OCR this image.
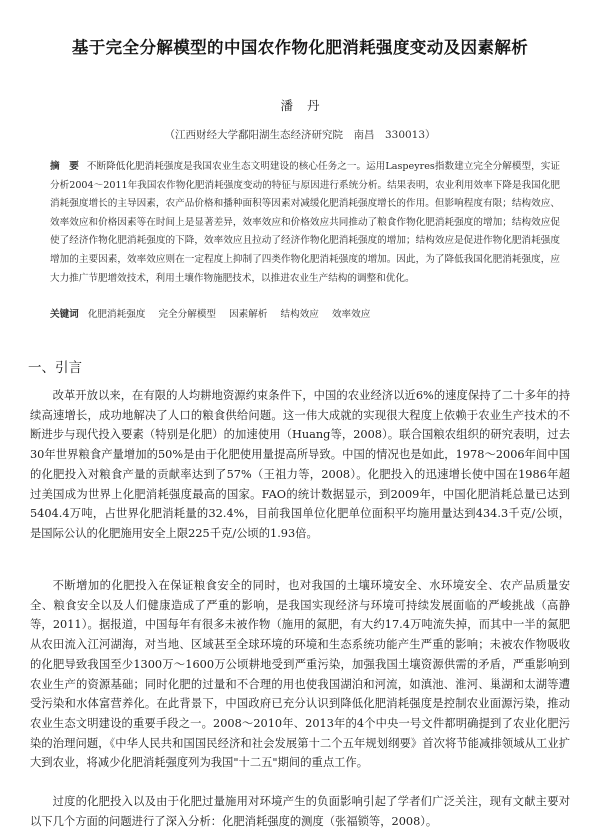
基于完全分解模型的中国农作物化肥消耗强度变动及因素解析
潘丹
（江西财经大学鄱阳湖生态经济研究院　南昌　330013）
摘　要 不断降低化肥消耗强度是我国农业生态文明建设的核心任务之一。运用Laspeyres指数建立完全分解模型，实证分析2004～2011年我国农作物化肥消耗强度变动的特征与原因进行系统分析。结果表明，农业利用效率下降是我国化肥消耗强度增长的主导因素，农产品价格和播种面积等因素对减缓化肥消耗强度增长的作用。但影响程度有限；结构效应、效率效应和价格因素等在时间上是显著差异，效率效应和价格效应共同推动了粮食作物化肥消耗强度的增加；结构效应促使了经济作物化肥消耗强度的下降，效率效应且拉动了经济作物化肥消耗强度的增加；结构效应是促进作物化肥消耗强度增加的主要因素，效率效应则在一定程度上抑制了四类作物化肥消耗强度的增加。因此，为了降低我国化肥消耗强度，应大力推广节肥增效技术，利用土壤作物施肥技术，以推进农业生产结构的调整和优化。
关键词 化肥消耗强度 完全分解模型 因素解析 结构效应 效率效应
一、引言

改革开放以来，在有限的人均耕地资源约束条件下，中国的农业经济以近6%的速度保持了二十多年的持续高速增长，成功地解决了人口的粮食供给问题。这一伟大成就的实现很大程度上依赖于农业生产技术的不断进步与现代投入要素（特别是化肥）的加速使用（Huang等，2008）。联合国粮农组织的研究表明，过去30年世界粮食产量增加的50%是由于化肥使用量提高所导致。中国的情况也是如此，1978～2006年间中国的化肥投入对粮食产量的贡献率达到了57%（王祖力等，2008）。化肥投入的迅速增长使中国在1986年超过美国成为世界上化肥消耗强度最高的国家。FAO的统计数据显示，到2009年，中国化肥消耗总量已达到5404.4万吨，占世界化肥消耗量的32.4%，目前我国单位化肥单位面积平均施用量达到434.3千克/公顷，是国际公认的化肥施用安全上限225千克/公顷的1.93倍。

不断增加的化肥投入在保证粮食安全的同时，也对我国的土壤环境安全、水环境安全、农产品质量安全、粮食安全以及人们健康造成了严重的影响，是我国实现经济与环境可持续发展面临的严峻挑战（高静等，2011）。据报道，中国每年有很多未被作物（施用的氮肥，有大约17.4万吨流失掉，而其中一半的氮肥从农田流入江河湖海，对当地、区域甚至全球环境的环境和生态系统功能产生严重的影响；未被农作物吸收的化肥导致我国至少1300万～1600万公顷耕地受到严重污染，加强我国土壤资源供需的矛盾，严重影响到农业生产的资源基础；同时化肥的过量和不合理的用也使我国湖泊和河流，如滇池、淮河、巢湖和太湖等遭受污染和水体富营养化。在此背景下，中国政府已充分认识到降低化肥消耗强度是控制农业面源污染，推动农业生态文明建设的重要手段之一。2008～2010年、2013年的4个中央一号文件都明确提到了农业化肥污染的治理问题，《中华人民共和国国民经济和社会发展第十二个五年规划纲要》首次将节能减排领域从工业扩大到农业，将减少化肥消耗强度列为我国"十二五"期间的重点工作。

过度的化肥投入以及由于化肥过量施用对环境产生的负面影响引起了学者们广泛关注，现有文献主要对以下几个方面的问题进行了深入分析：化肥消耗强度的测度（张福锁等，2008）。
